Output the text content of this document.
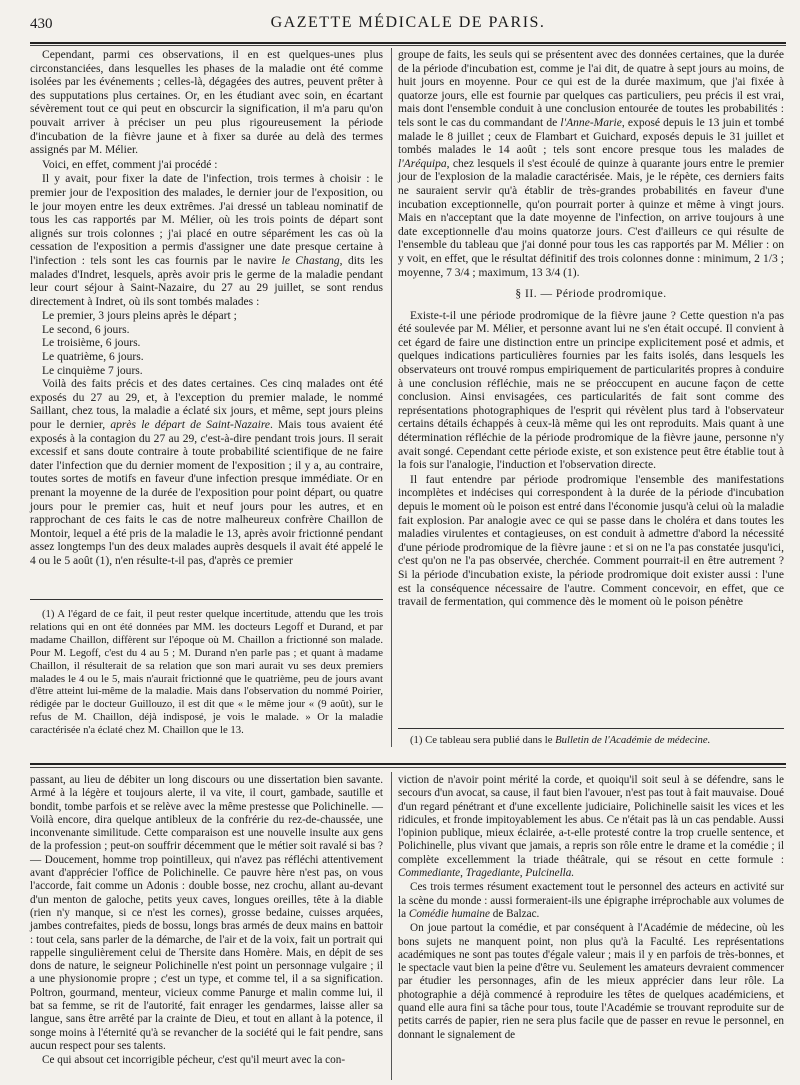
430	GAZETTE MÉDICALE DE PARIS.

Cependant, parmi ces observations, il en est quelques-unes plus circonstanciées, dans lesquelles les phases de la maladie ont été comme isolées par les événements ; celles-là, dégagées des autres, peuvent prêter à des supputations plus certaines. Or, en les étudiant avec soin, en écartant sévèrement tout ce qui peut en obscurcir la signification, il m'a paru qu'on pouvait arriver à préciser un peu plus rigoureusement la période d'incubation de la fièvre jaune et à fixer sa durée au delà des termes assignés par M. Mélier.

Voici, en effet, comment j'ai procédé :

Il y avait, pour fixer la date de l'infection, trois termes à choisir : le premier jour de l'exposition des malades, le dernier jour de l'exposition, ou le jour moyen entre les deux extrêmes. J'ai dressé un tableau nominatif de tous les cas rapportés par M. Mélier, où les trois points de départ sont alignés sur trois colonnes ; j'ai placé en outre séparément les cas où la cessation de l'exposition a permis d'assigner une date presque certaine à l'infection : tels sont les cas fournis par le navire le Chastang, dits les malades d'Indret, lesquels, après avoir pris le germe de la maladie pendant leur court séjour à Saint-Nazaire, du 27 au 29 juillet, se sont rendus directement à Indret, où ils sont tombés malades :

Le premier, 3 jours pleins après le départ ;

Le second, 6 jours.

Le troisième, 6 jours.

Le quatrième, 6 jours.

Le cinquième 7 jours.

Voilà des faits précis et des dates certaines. Ces cinq malades ont été exposés du 27 au 29, et, à l'exception du premier malade, le nommé Saillant, chez tous, la maladie a éclaté six jours, et même, sept jours pleins pour le dernier, après le départ de Saint-Nazaire. Mais tous avaient été exposés à la contagion du 27 au 29, c'est-à-dire pendant trois jours. Il serait excessif et sans doute contraire à toute probabilité scientifique de ne faire dater l'infection que du dernier moment de l'exposition ; il y a, au contraire, toutes sortes de motifs en faveur d'une infection presque immédiate. Or en prenant la moyenne de la durée de l'exposition pour point départ, ou quatre jours pour le premier cas, huit et neuf jours pour les autres, et en rapprochant de ces faits le cas de notre malheureux confrère Chaillon de Montoir, lequel a été pris de la maladie le 13, après avoir frictionné pendant assez longtemps l'un des deux malades auprès desquels il avait été appelé le 4 ou le 5 août (1), n'en résulte-t-il pas, d'après ce premier

groupe de faits, les seuls qui se présentent avec des données certaines, que la durée de la période d'incubation est, comme je l'ai dit, de quatre à sept jours au moins, de huit jours en moyenne. Pour ce qui est de la durée maximum, que j'ai fixée à quatorze jours, elle est fournie par quelques cas particuliers, peu précis il est vrai, mais dont l'ensemble conduit à une conclusion entourée de toutes les probabilités : tels sont le cas du commandant de l'Anne-Marie, exposé depuis le 13 juin et tombé malade le 8 juillet ; ceux de Flambart et Guichard, exposés depuis le 31 juillet et tombés malades le 14 août ; tels sont encore presque tous les malades de l'Aréquipa, chez lesquels il s'est écoulé de quinze à quarante jours entre le premier jour de l'explosion de la maladie caractérisée. Mais, je le répète, ces derniers faits ne sauraient servir qu'à établir de très-grandes probabilités en faveur d'une incubation exceptionnelle, qu'on pourrait porter à quinze et même à vingt jours. Mais en n'acceptant que la date moyenne de l'infection, on arrive toujours à une date exceptionnelle d'au moins quatorze jours. C'est d'ailleurs ce qui résulte de l'ensemble du tableau que j'ai donné pour tous les cas rapportés par M. Mélier : on y voit, en effet, que le résultat définitif des trois colonnes donne : minimum, 2 1/3 ; moyenne, 7 3/4 ; maximum, 13 3/4 (1).

§ II. — Période prodromique.

Existe-t-il une période prodromique de la fièvre jaune ? Cette question n'a pas été soulevée par M. Mélier, et personne avant lui ne s'en était occupé. Il convient à cet égard de faire une distinction entre un principe explicitement posé et admis, et quelques indications particulières fournies par les faits isolés, dans lesquels les observateurs ont trouvé rompus empiriquement de particularités propres à conduire à une conclusion réfléchie, mais ne se préoccupent en aucune façon de cette conclusion. Ainsi envisagées, ces particularités de fait sont comme des représentations photographiques de l'esprit qui révèlent plus tard à l'observateur certains détails échappés à ceux-là même qui les ont reproduits. Mais quant à une détermination réfléchie de la période prodromique de la fièvre jaune, personne n'y avait songé. Cependant cette période existe, et son existence peut être établie tout à la fois sur l'analogie, l'induction et l'observation directe.

Il faut entendre par période prodromique l'ensemble des manifestations incomplètes et indécises qui correspondent à la durée de la période d'incubation depuis le moment où le poison est entré dans l'économie jusqu'à celui où la maladie fait explosion. Par analogie avec ce qui se passe dans le choléra et dans toutes les maladies virulentes et contagieuses, on est conduit à admettre d'abord la nécessité d'une période prodromique de la fièvre jaune : et si on ne l'a pas constatée jusqu'ici, c'est qu'on ne l'a pas observée, cherchée. Comment pourrait-il en être autrement ? Si la période d'incubation existe, la période prodromique doit exister aussi : l'une est la conséquence nécessaire de l'autre. Comment concevoir, en effet, que ce travail de fermentation, qui commence dès le moment où le poison pénètre

(1) A l'égard de ce fait, il peut rester quelque incertitude, attendu que les trois relations qui en ont été données par MM. les docteurs Legoff et Durand, et par madame Chaillon, diffèrent sur l'époque où M. Chaillon a frictionné son malade. Pour M. Legoff, c'est du 4 au 5 ; M. Durand n'en parle pas ; et quant à madame Chaillon, il résulterait de sa relation que son mari aurait vu ses deux premiers malades le 4 ou le 5, mais n'aurait frictionné que le quatrième, peu de jours avant d'être atteint lui-même de la maladie. Mais dans l'observation du nommé Poirier, rédigée par le docteur Guillouzo, il est dit que « le même jour « (9 août), sur le refus de M. Chaillon, déjà indisposé, je vois le malade. » Or la maladie caractérisée n'a éclaté chez M. Chaillon que le 13.

(1) Ce tableau sera publié dans le Bulletin de l'Académie de médecine.

passant, au lieu de débiter un long discours ou une dissertation bien savante. Armé à la légère et toujours alerte, il va vite, il court, gambade, sautille et bondit, tombe parfois et se relève avec la même prestesse que Polichinelle. —Voilà encore, dira quelque antibleux de la confrérie du rez-de-chaussée, une inconvenante similitude. Cette comparaison est une nouvelle insulte aux gens de la profession ; peut-on souffrir décemment que le métier soit ravalé si bas ? — Doucement, homme trop pointilleux, qui n'avez pas réfléchi attentivement avant d'apprécier l'office de Polichinelle. Ce pauvre hère n'est pas, on vous l'accorde, fait comme un Adonis : double bosse, nez crochu, allant au-devant d'un menton de galoche, petits yeux caves, longues oreilles, tête à la diable (rien n'y manque, si ce n'est les cornes), grosse bedaine, cuisses arquées, jambes contrefaites, pieds de bossu, longs bras armés de deux mains en battoir : tout cela, sans parler de la démarche, de l'air et de la voix, fait un portrait qui rappelle singulièrement celui de Thersite dans Homère. Mais, en dépit de ses dons de nature, le seigneur Polichinelle n'est point un personnage vulgaire ; il a une physionomie propre ; c'est un type, et comme tel, il a sa signification. Poltron, gourmand, menteur, vicieux comme Panurge et malin comme lui, il bat sa femme, se rit de l'autorité, fait enrager les gendarmes, laisse aller sa langue, sans être arrêté par la crainte de Dieu, et tout en allant à la potence, il songe moins à l'éternité qu'à se revancher de la société qui le fait pendre, sans aucun respect pour ses talents.

Ce qui absout cet incorrigible pécheur, c'est qu'il meurt avec la con-

viction de n'avoir point mérité la corde, et quoiqu'il soit seul à se défendre, sans le secours d'un avocat, sa cause, il faut bien l'avouer, n'est pas tout à fait mauvaise. Doué d'un regard pénétrant et d'une excellente judiciaire, Polichinelle saisit les vices et les ridicules, et fronde impitoyablement les abus. Ce n'était pas là un cas pendable. Aussi l'opinion publique, mieux éclairée, a-t-elle protesté contre la trop cruelle sentence, et Polichinelle, plus vivant que jamais, a repris son rôle entre le drame et la comédie ; il complète excellemment la triade théâtrale, qui se résout en cette formule : Commediante, Tragediante, Pulcinella.

Ces trois termes résument exactement tout le personnel des acteurs en activité sur la scène du monde : aussi formeraient-ils une épigraphe irréprochable aux volumes de la Comédie humaine de Balzac.

On joue partout la comédie, et par conséquent à l'Académie de médecine, où les bons sujets ne manquent point, non plus qu'à la Faculté. Les représentations académiques ne sont pas toutes d'égale valeur ; mais il y en parfois de très-bonnes, et le spectacle vaut bien la peine d'être vu. Seulement les amateurs devraient commencer par étudier les personnages, afin de les mieux apprécier dans leur rôle. La photographie a déjà commencé à reproduire les têtes de quelques académiciens, et quand elle aura fini sa tâche pour tous, toute l'Académie se trouvant reproduite sur de petits carrés de papier, rien ne sera plus facile que de passer en revue le personnel, en donnant le signalement de
